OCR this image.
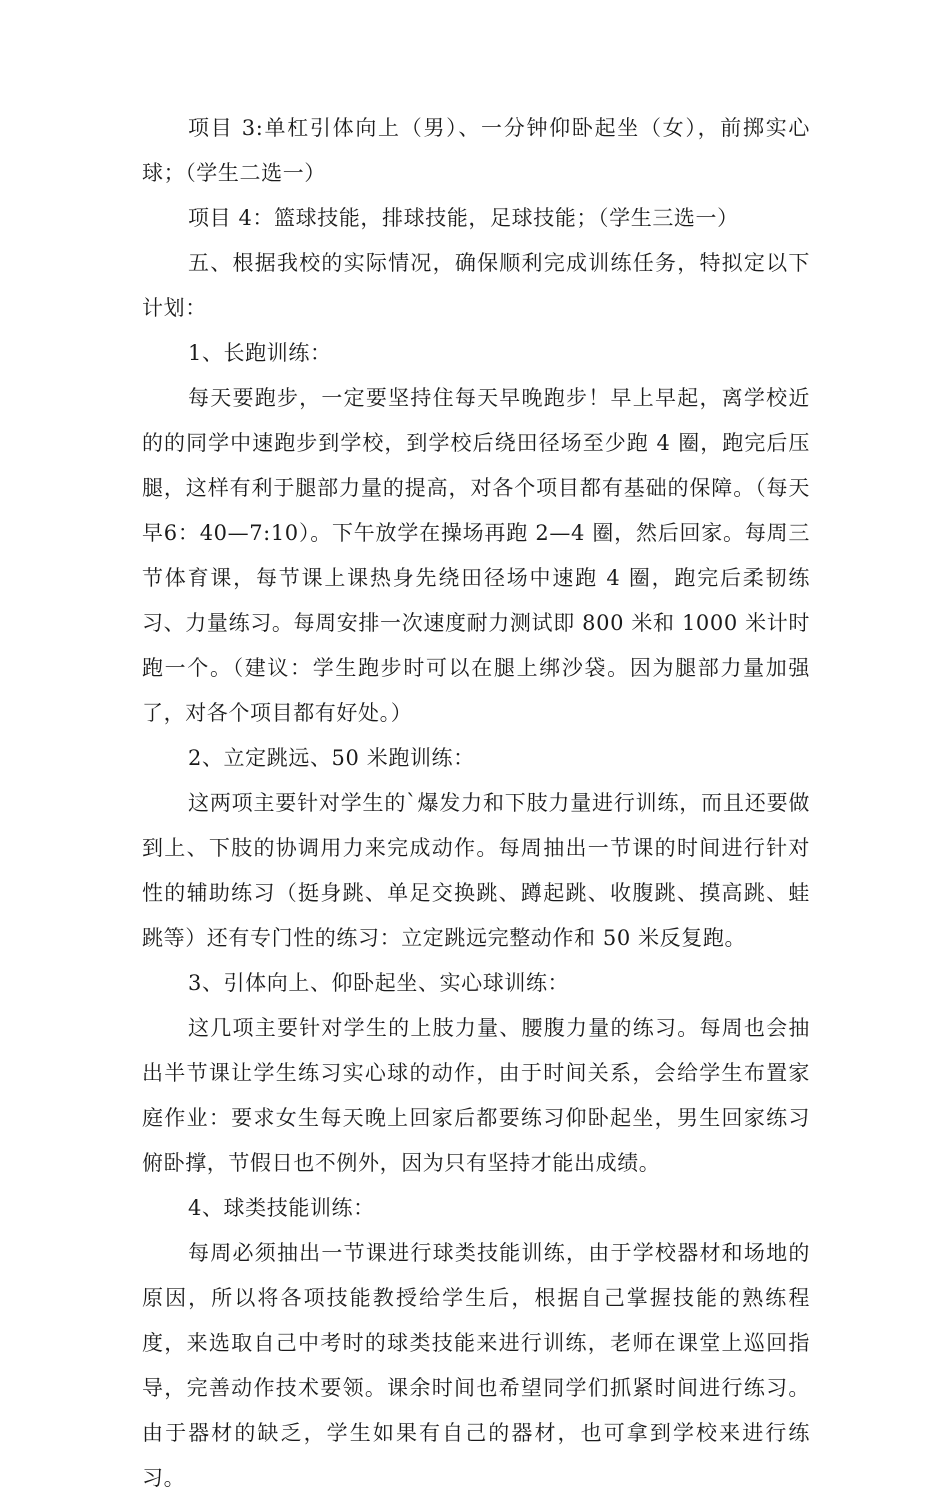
项目 3:单杠引体向上（男）、一分钟仰卧起坐（女），前掷实心球；（学生二选一）

项目 4：篮球技能，排球技能，足球技能；（学生三选一）

五、根据我校的实际情况，确保顺利完成训练任务，特拟定以下计划：

1、长跑训练：

每天要跑步，一定要坚持住每天早晚跑步！早上早起，离学校近的的同学中速跑步到学校，到学校后绕田径场至少跑 4 圈，跑完后压腿，这样有利于腿部力量的提高，对各个项目都有基础的保障。（每天早6：40—7:10）。下午放学在操场再跑 2—4 圈，然后回家。每周三节体育课，每节课上课热身先绕田径场中速跑 4 圈，跑完后柔韧练习、力量练习。每周安排一次速度耐力测试即 800 米和 1000 米计时跑一个。（建议：学生跑步时可以在腿上绑沙袋。因为腿部力量加强了，对各个项目都有好处。）

2、立定跳远、50 米跑训练：

这两项主要针对学生的`爆发力和下肢力量进行训练，而且还要做到上、下肢的协调用力来完成动作。每周抽出一节课的时间进行针对性的辅助练习（挺身跳、单足交换跳、蹲起跳、收腹跳、摸高跳、蛙跳等）还有专门性的练习：立定跳远完整动作和 50 米反复跑。

3、引体向上、仰卧起坐、实心球训练：

这几项主要针对学生的上肢力量、腰腹力量的练习。每周也会抽出半节课让学生练习实心球的动作，由于时间关系，会给学生布置家庭作业：要求女生每天晚上回家后都要练习仰卧起坐，男生回家练习俯卧撑，节假日也不例外，因为只有坚持才能出成绩。

4、球类技能训练：

每周必须抽出一节课进行球类技能训练，由于学校器材和场地的原因，所以将各项技能教授给学生后，根据自己掌握技能的熟练程度，来选取自己中考时的球类技能来进行训练，老师在课堂上巡回指导，完善动作技术要领。课余时间也希望同学们抓紧时间进行练习。由于器材的缺乏，学生如果有自己的器材，也可拿到学校来进行练习。
